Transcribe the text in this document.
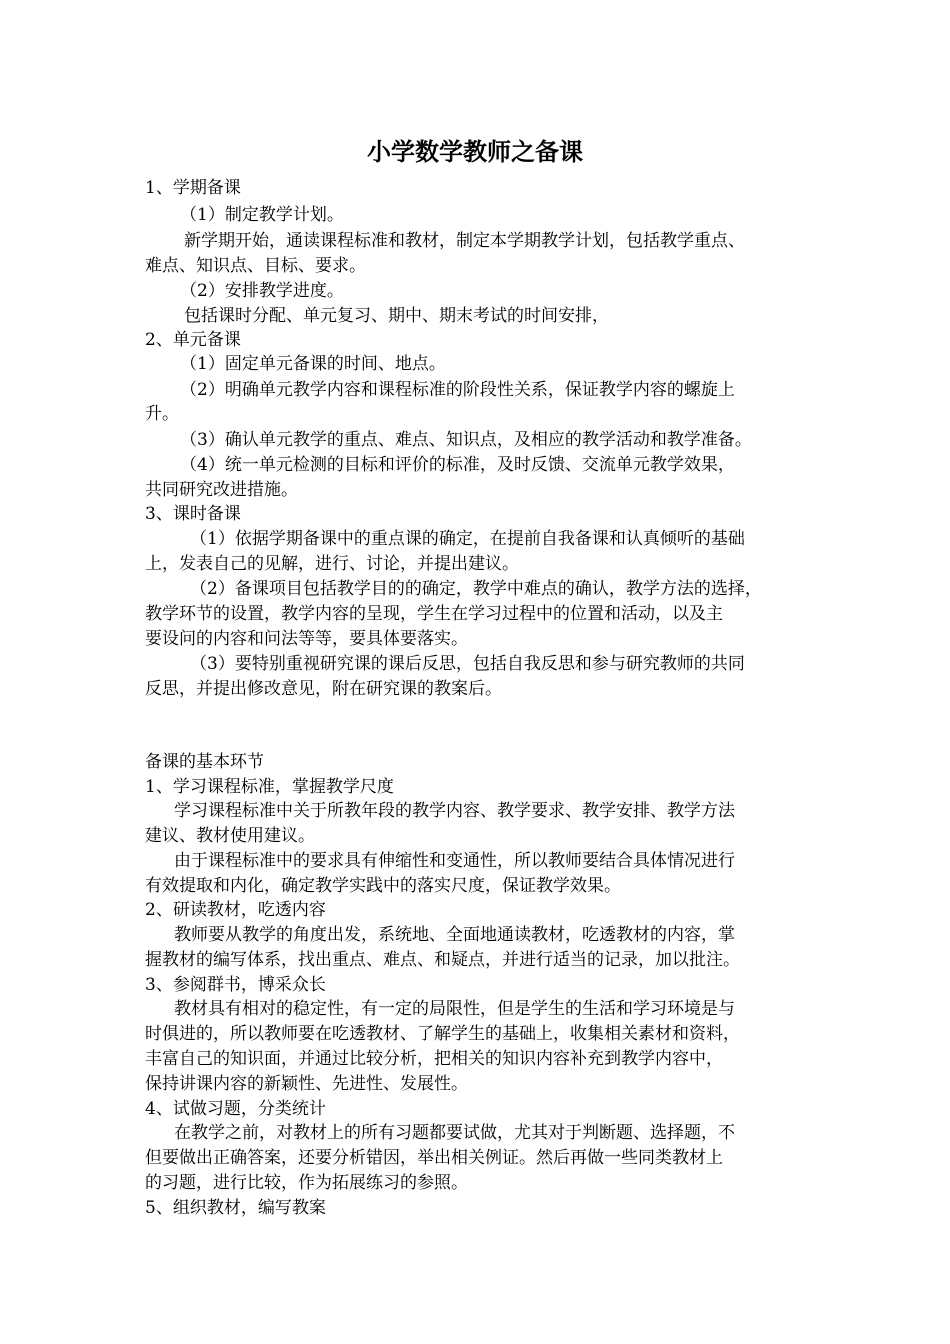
小学数学教师之备课
1、学期备课
（1）制定教学计划。
新学期开始，通读课程标准和教材，制定本学期教学计划，包括教学重点、
难点、知识点、目标、要求。
（2）安排教学进度。
包括课时分配、单元复习、期中、期末考试的时间安排，
2、单元备课
（1）固定单元备课的时间、地点。
（2）明确单元教学内容和课程标准的阶段性关系，保证教学内容的螺旋上
升。
（3）确认单元教学的重点、难点、知识点，及相应的教学活动和教学准备。
（4）统一单元检测的目标和评价的标准，及时反馈、交流单元教学效果，
共同研究改进措施。
3、课时备课
（1）依据学期备课中的重点课的确定，在提前自我备课和认真倾听的基础
上，发表自己的见解，进行、讨论，并提出建议。
（2）备课项目包括教学目的的确定，教学中难点的确认，教学方法的选择，
教学环节的设置，教学内容的呈现，学生在学习过程中的位置和活动，以及主
要设问的内容和问法等等，要具体要落实。
（3）要特别重视研究课的课后反思，包括自我反思和参与研究教师的共同
反思，并提出修改意见，附在研究课的教案后。
备课的基本环节
1、学习课程标准，掌握教学尺度
学习课程标准中关于所教年段的教学内容、教学要求、教学安排、教学方法
建议、教材使用建议。
由于课程标准中的要求具有伸缩性和变通性，所以教师要结合具体情况进行
有效提取和内化，确定教学实践中的落实尺度，保证教学效果。
2、研读教材，吃透内容
教师要从教学的角度出发，系统地、全面地通读教材，吃透教材的内容，掌
握教材的编写体系，找出重点、难点、和疑点，并进行适当的记录，加以批注。
3、参阅群书，博采众长
教材具有相对的稳定性，有一定的局限性，但是学生的生活和学习环境是与
时俱进的，所以教师要在吃透教材、了解学生的基础上，收集相关素材和资料，
丰富自己的知识面，并通过比较分析，把相关的知识内容补充到教学内容中，
保持讲课内容的新颖性、先进性、发展性。
4、试做习题，分类统计
在教学之前，对教材上的所有习题都要试做，尤其对于判断题、选择题，不
但要做出正确答案，还要分析错因，举出相关例证。然后再做一些同类教材上
的习题，进行比较，作为拓展练习的参照。
5、组织教材，编写教案
